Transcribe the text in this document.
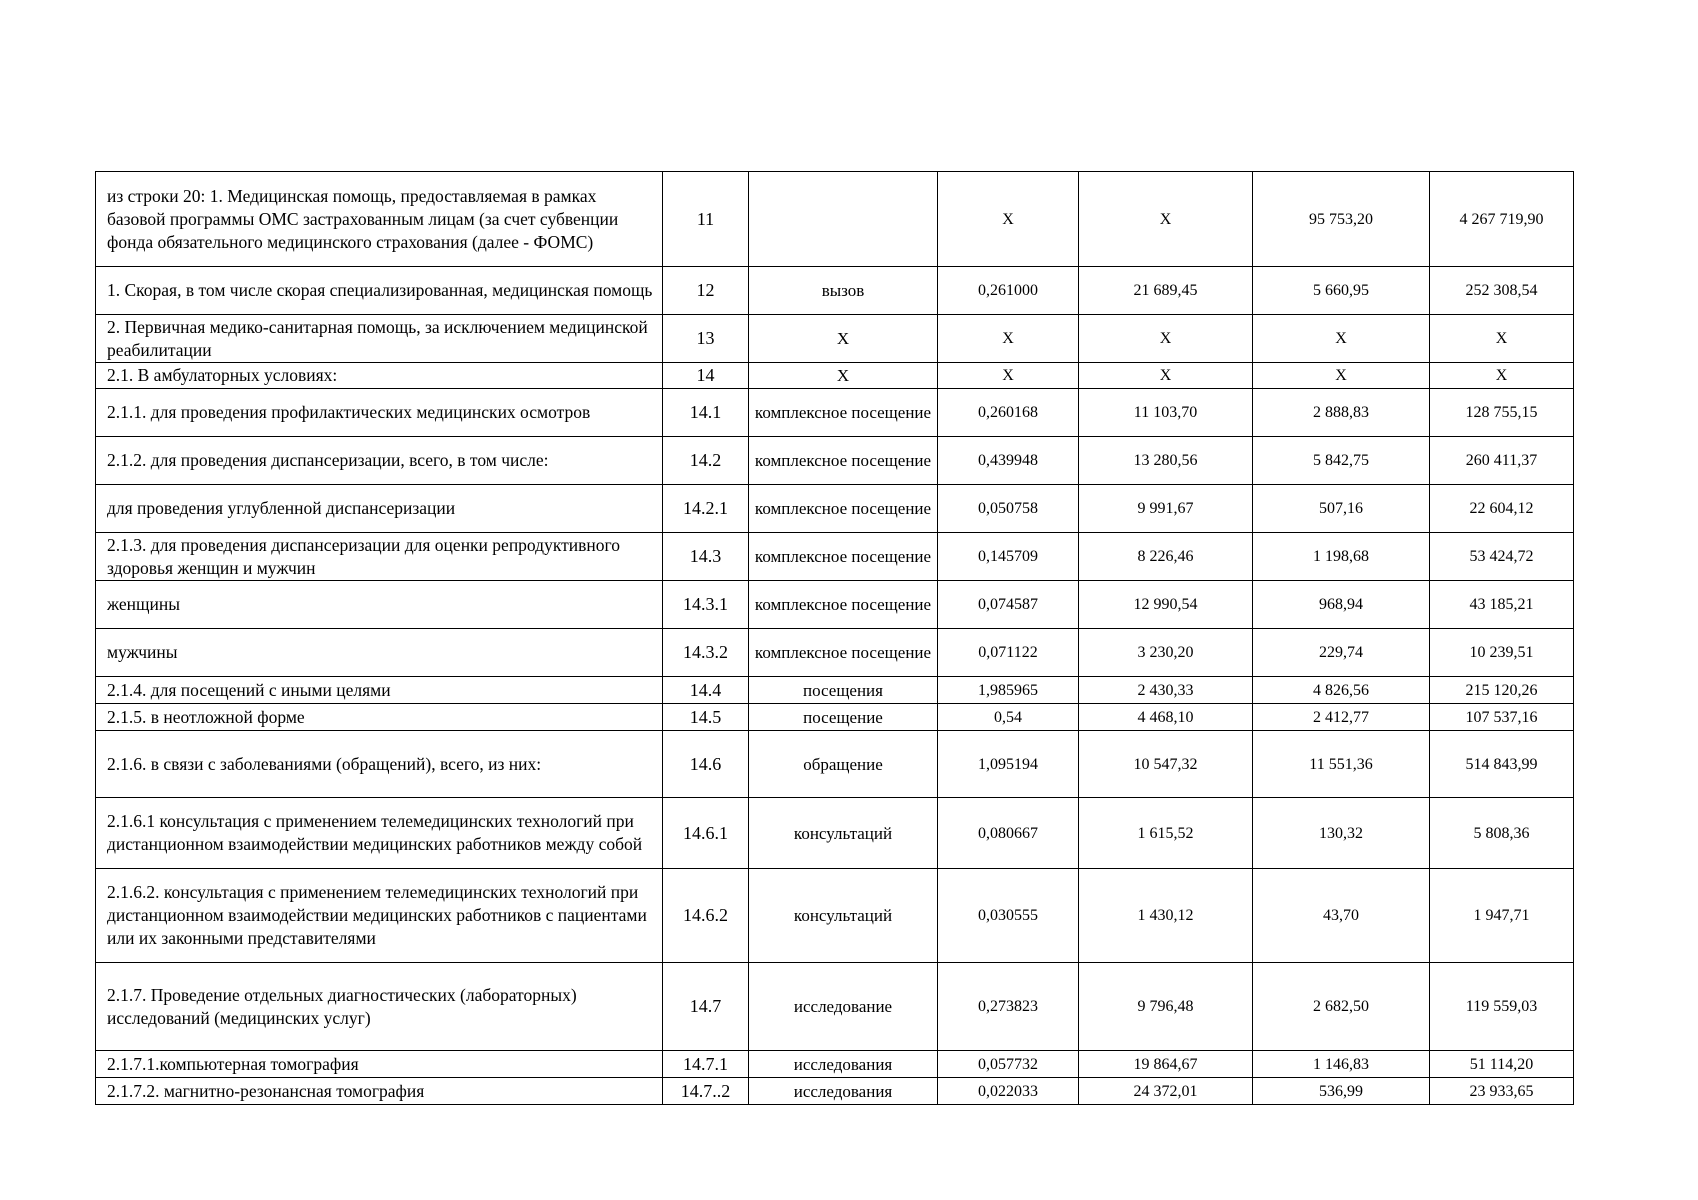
из строки 20: 1. Медицинская помощь, предоставляемая в рамках базовой программы ОМС застрахованным лицам (за счет субвенции фонда обязательного медицинского страхования (далее - ФОМС)	11		Х	Х	95 753,20	4 267 719,90
1. Скорая, в том числе скорая специализированная, медицинская помощь	12	вызов	0,261000	21 689,45	5 660,95	252 308,54
2. Первичная медико-санитарная помощь, за исключением медицинской реабилитации	13	Х	Х	Х	Х	Х
2.1. В амбулаторных условиях:	14	Х	Х	Х	Х	Х
2.1.1. для проведения профилактических медицинских осмотров	14.1	комплексное посещение	0,260168	11 103,70	2 888,83	128 755,15
2.1.2. для проведения диспансеризации, всего, в том числе:	14.2	комплексное посещение	0,439948	13 280,56	5 842,75	260 411,37
для проведения углубленной диспансеризации	14.2.1	комплексное посещение	0,050758	9 991,67	507,16	22 604,12
2.1.3. для проведения диспансеризации для оценки репродуктивного здоровья женщин и мужчин	14.3	комплексное посещение	0,145709	8 226,46	1 198,68	53 424,72
женщины	14.3.1	комплексное посещение	0,074587	12 990,54	968,94	43 185,21
мужчины	14.3.2	комплексное посещение	0,071122	3 230,20	229,74	10 239,51
2.1.4. для посещений с иными целями	14.4	посещения	1,985965	2 430,33	4 826,56	215 120,26
2.1.5. в неотложной форме	14.5	посещение	0,54	4 468,10	2 412,77	107 537,16
2.1.6. в связи с заболеваниями (обращений), всего, из них:	14.6	обращение	1,095194	10 547,32	11 551,36	514 843,99
2.1.6.1 консультация с применением телемедицинских технологий при дистанционном взаимодействии медицинских работников между собой	14.6.1	консультаций	0,080667	1 615,52	130,32	5 808,36
2.1.6.2. консультация с применением телемедицинских технологий при дистанционном взаимодействии медицинских работников с пациентами или их законными представителями	14.6.2	консультаций	0,030555	1 430,12	43,70	1 947,71
2.1.7. Проведение отдельных диагностических (лабораторных) исследований (медицинских услуг)	14.7	исследование	0,273823	9 796,48	2 682,50	119 559,03
2.1.7.1.компьютерная томография	14.7.1	исследования	0,057732	19 864,67	1 146,83	51 114,20
2.1.7.2. магнитно-резонансная томография	14.7..2	исследования	0,022033	24 372,01	536,99	23 933,65
